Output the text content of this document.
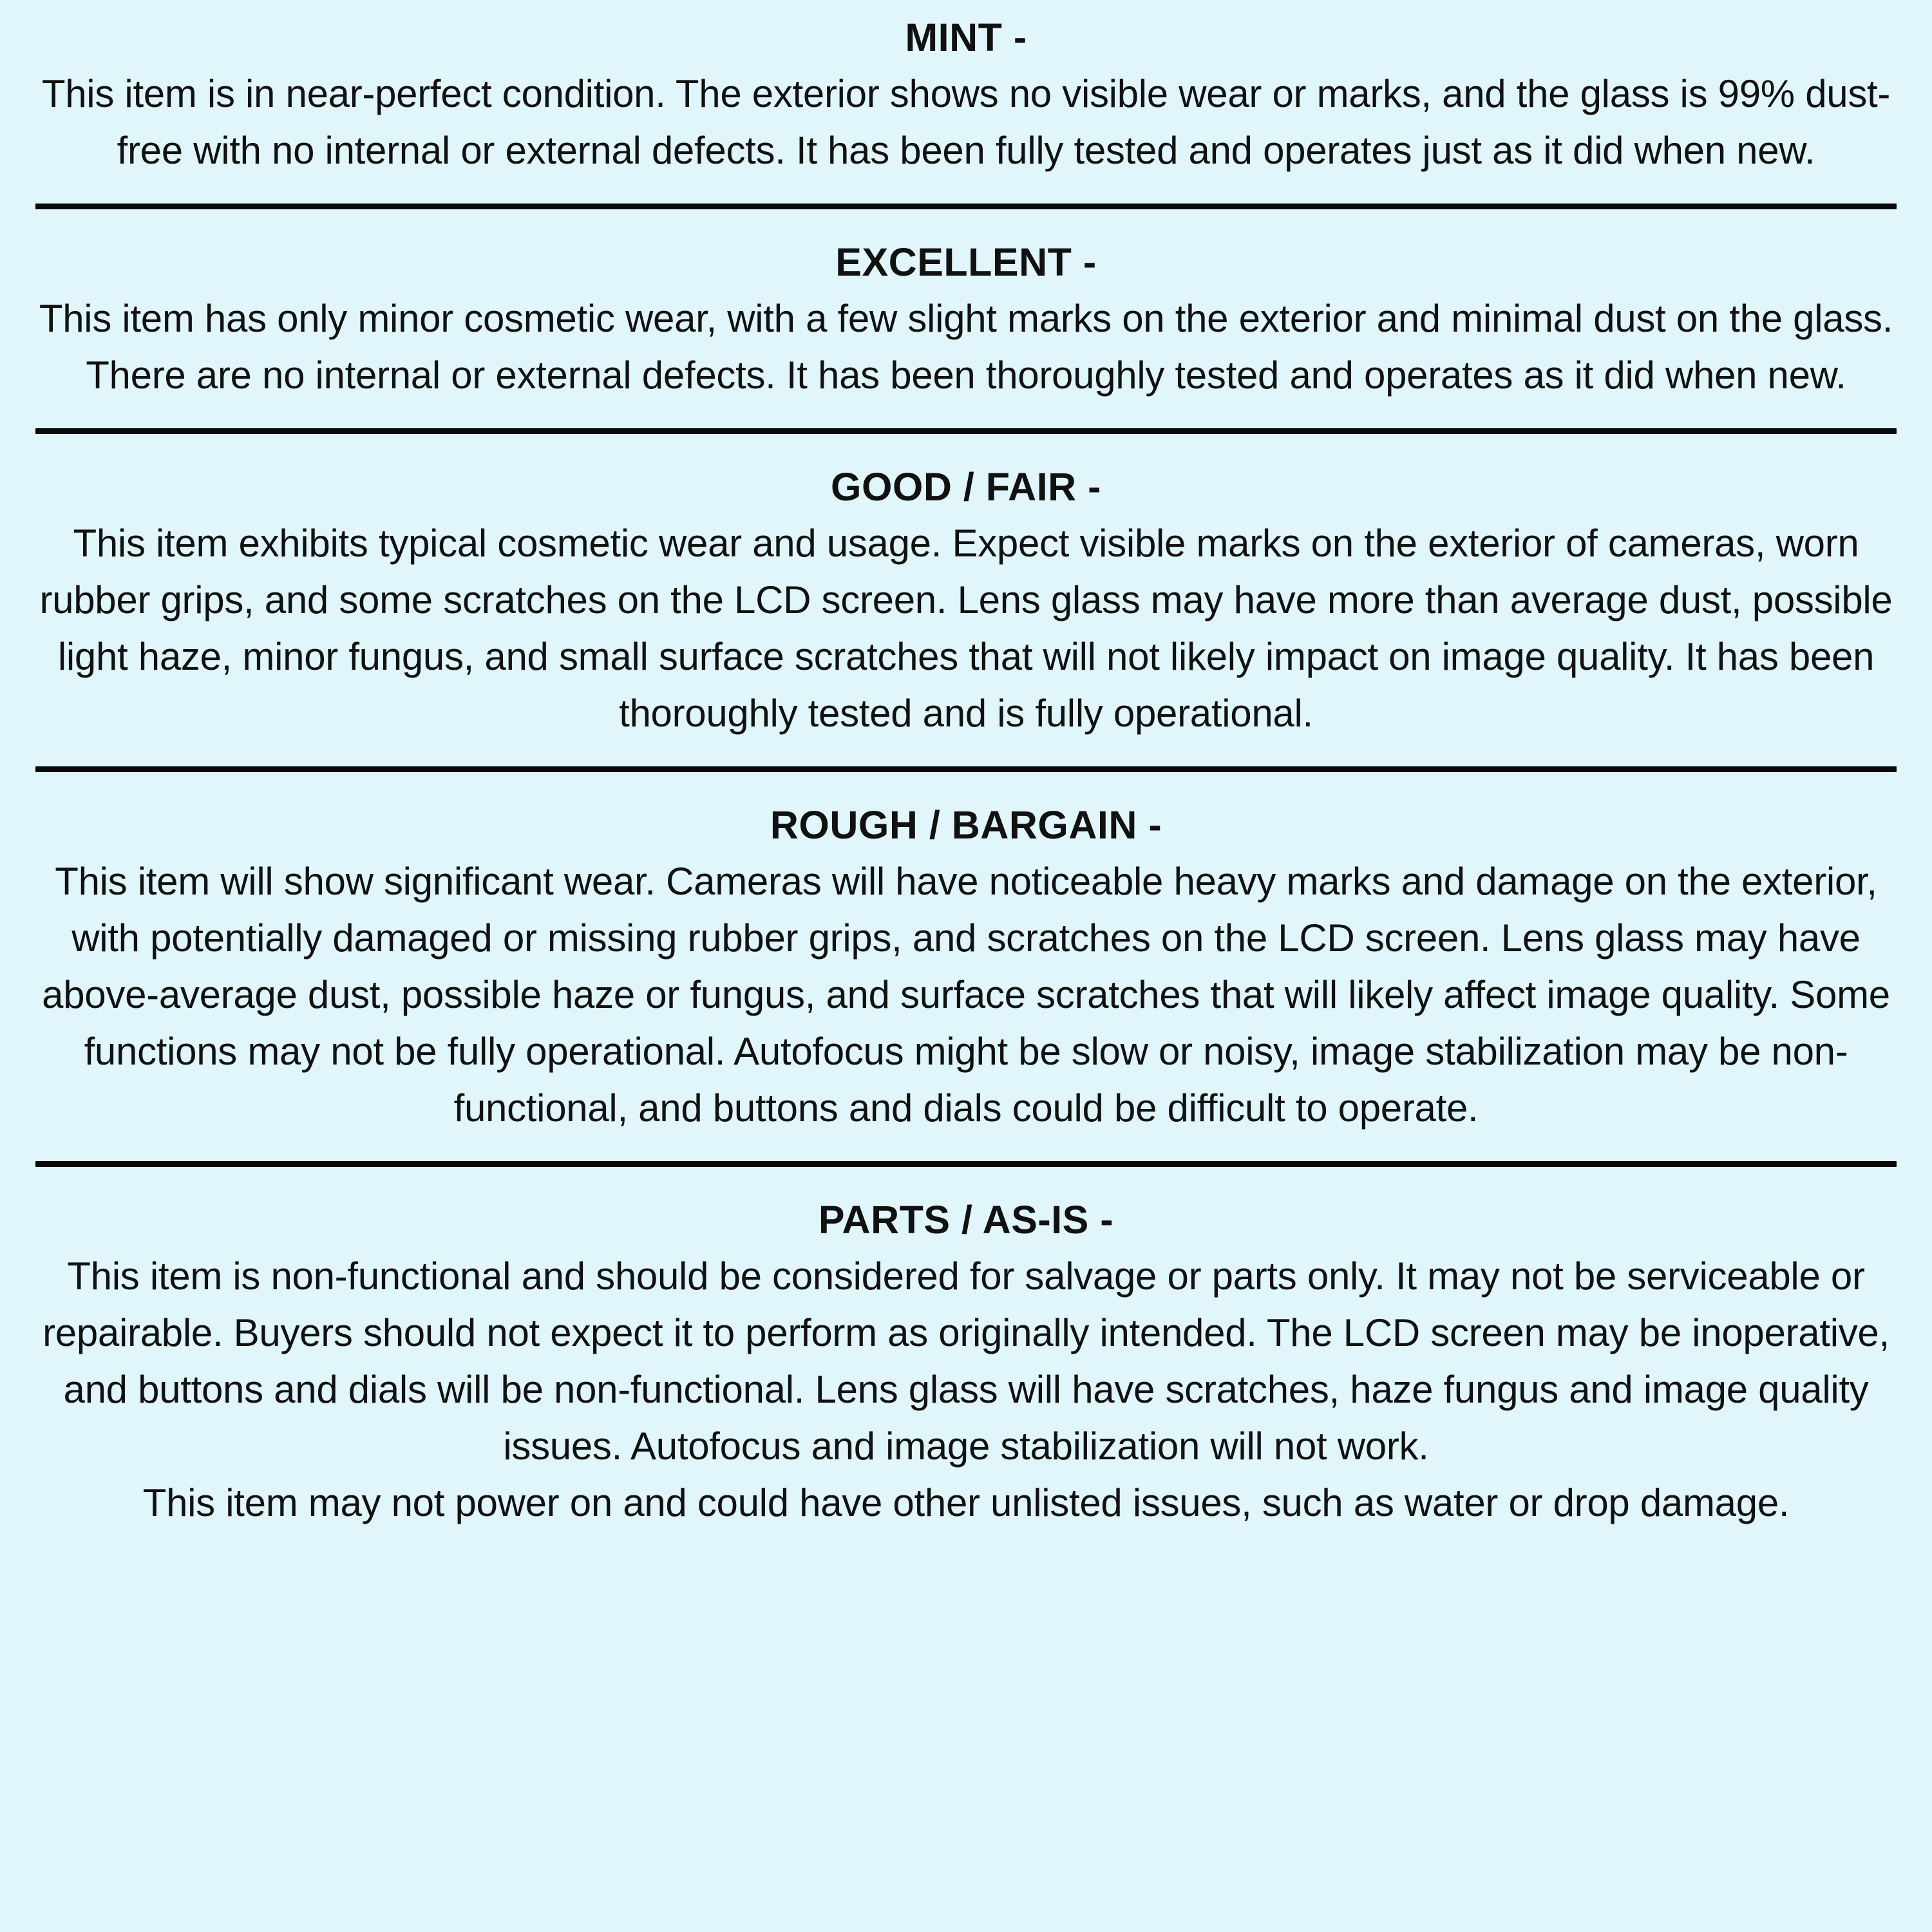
MINT -

This item is in near-perfect condition. The exterior shows no visible wear or marks, and the glass is 99% dust-free with no internal or external defects. It has been fully tested and operates just as it did when new.

EXCELLENT -

This item has only minor cosmetic wear, with a few slight marks on the exterior and minimal dust on the glass. There are no internal or external defects. It has been thoroughly tested and operates as it did when new.

GOOD / FAIR -

This item exhibits typical cosmetic wear and usage. Expect visible marks on the exterior of cameras, worn rubber grips, and some scratches on the LCD screen. Lens glass may have more than average dust, possible light haze, minor fungus, and small surface scratches that will not likely impact on image quality. It has been thoroughly tested and is fully operational.

ROUGH / BARGAIN -

This item will show significant wear. Cameras will have noticeable heavy marks and damage on the exterior, with potentially damaged or missing rubber grips, and scratches on the LCD screen. Lens glass may have above-average dust, possible haze or fungus, and surface scratches that will likely affect image quality. Some functions may not be fully operational. Autofocus might be slow or noisy, image stabilization may be non-functional, and buttons and dials could be difficult to operate.

PARTS / AS-IS -

This item is non-functional and should be considered for salvage or parts only. It may not be serviceable or repairable. Buyers should not expect it to perform as originally intended. The LCD screen may be inoperative, and buttons and dials will be non-functional. Lens glass will have scratches, haze fungus and image quality issues. Autofocus and image stabilization will not work.

This item may not power on and could have other unlisted issues, such as water or drop damage.
